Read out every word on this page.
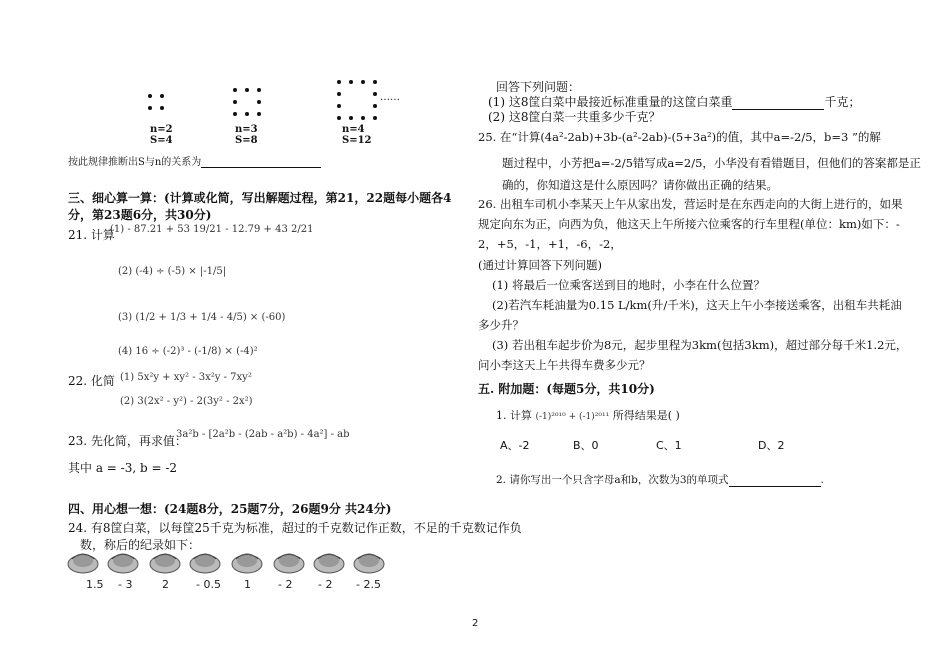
……
n=2
S=4
n=3
S=8
n=4
S=12
按此规律推断出S与n的关系为
三、细心算一算：(计算或化简，写出解题过程，第21，22题每小题各4分，第23题6分，共30分)
21. 计算
(1) - 87.21 + 53 19/21 - 12.79 + 43 2/21
(2) (-4) ÷ (-5) × |-1/5|
(3) (1/2 + 1/3 + 1/4 - 4/5) × (-60)
(4) 16 ÷ (-2)³ - (-1/8) × (-4)²
22. 化简 (1) 5x²y + xy² - 3x²y - 7xy²
(2) 3(2x² - y²) - 2(3y² - 2x²)
23. 先化简，再求值：
3a²b - [2a²b - (2ab - a²b) - 4a²] - ab
其中 a = -3, b = -2
四、用心想一想：(24题8分，25题7分，26题9分 共24分)
24. 有8筐白菜，以每筐25千克为标准，超过的千克数记作正数，不足的千克数记作负
数，称后的纪录如下：
1.5 - 3	2 - 0.5 1 - 2 - 2 - 2.5
回答下列问题：
(1) 这8筐白菜中最接近标准重量的这筐白菜重	千克；
(2) 这8筐白菜一共重多少千克？
25. 在“计算(4a²-2ab)+3b-(a²-2ab)-(5+3a²)的值，其中a=-2/5，b=3 ”的解
题过程中，小芳把a=-2/5错写成a=2/5，小华没有看错题目，但他们的答案都是正
确的，你知道这是什么原因吗？请你做出正确的结果。
26. 出租车司机小李某天上午从家出发，营运时是在东西走向的大街上进行的，如果
规定向东为正，向西为负，他这天上午所接六位乘客的行车里程(单位：km)如下：-
2，+5，-1，+1，-6，-2，
(通过计算回答下列问题)
(1) 将最后一位乘客送到目的地时，小李在什么位置？
(2)若汽车耗油量为0.15 L/km(升/千米)，这天上午小李接送乘客，出租车共耗油
多少升？
(3) 若出租车起步价为8元，起步里程为3km(包括3km)，超过部分每千米1.2元，
问小李这天上午共得车费多少元？
五. 附加题：(每题5分，共10分)
1. 计算 (-1)²⁰¹⁰ + (-1)²⁰¹¹ 所得结果是( )
A、-2	B、0	C、1	D、2
2. 请你写出一个只含字母a和b，次数为3的单项式	.
2
